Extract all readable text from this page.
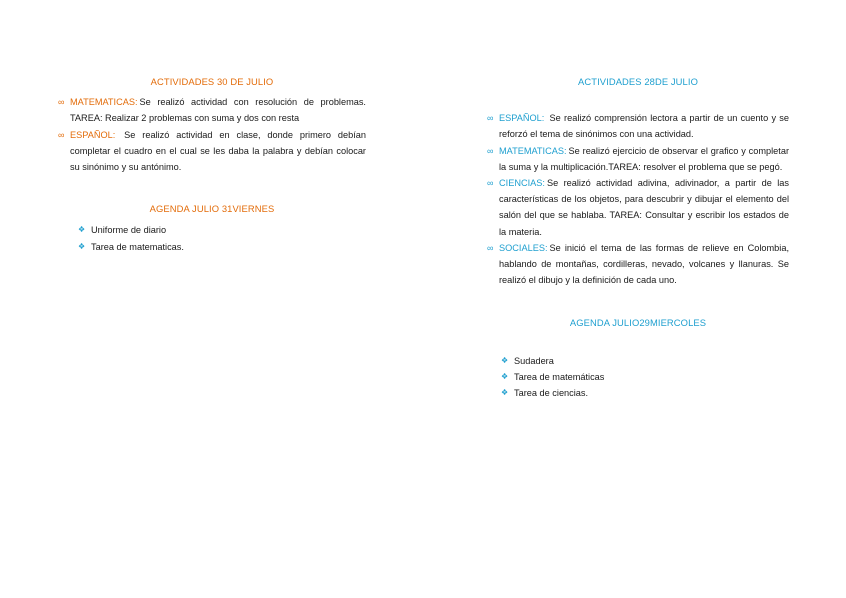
ACTIVIDADES 30 DE JULIO

∞ MATEMATICAS: Se realizó actividad con resolución de problemas. TAREA: Realizar 2 problemas con suma y dos con resta
∞ ESPAÑOL: Se realizó actividad en clase, donde primero debían completar el cuadro en el cual se les daba la palabra y debían colocar su sinónimo y su antónimo.

AGENDA JULIO 31VIERNES

❖ Uniforme de diario
❖ Tarea de matematicas.

ACTIVIDADES 28DE JULIO

∞ ESPAÑOL: Se realizó comprensión lectora a partir de un cuento y se reforzó el tema de sinónimos con una actividad.
∞ MATEMATICAS: Se realizó ejercicio de observar el grafico y completar la suma y la multiplicación.TAREA: resolver el problema que se pegó.
∞ CIENCIAS: Se realizó actividad adivina, adivinador, a partir de las características de los objetos, para descubrir y dibujar el elemento del salón del que se hablaba. TAREA: Consultar y escribir los estados de la materia.
∞ SOCIALES: Se inició el tema de las formas de relieve en Colombia, hablando de montañas, cordilleras, nevado, volcanes y llanuras. Se realizó el dibujo y la definición de cada uno.

AGENDA JULIO29MIERCOLES

❖ Sudadera
❖ Tarea de matemáticas
❖ Tarea de ciencias.
